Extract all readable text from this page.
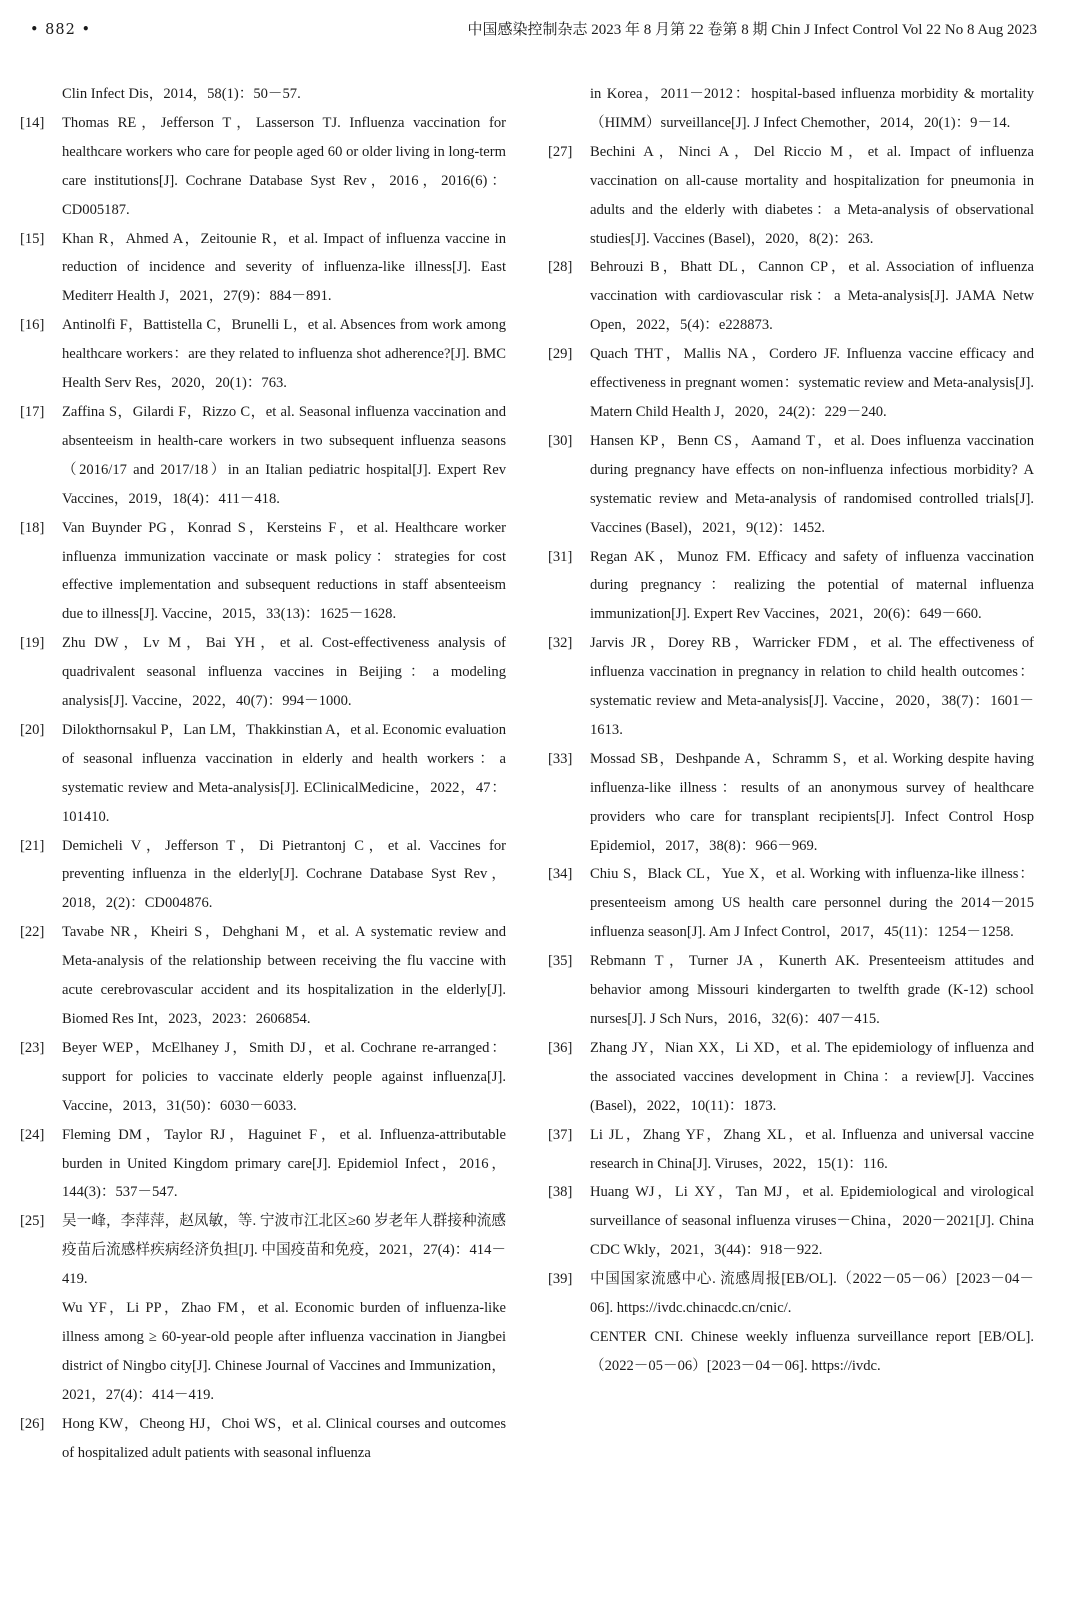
• 882 •	中国感染控制杂志 2023 年 8 月第 22 卷第 8 期 Chin J Infect Control Vol 22 No 8 Aug 2023
Clin Infect Dis，2014，58(1)：50－57.
[14]	Thomas RE，Jefferson T，Lasserson TJ. Influenza vaccination for healthcare workers who care for people aged 60 or older living in long-term care institutions[J]. Cochrane Database Syst Rev，2016，2016(6)：CD005187.
[15]	Khan R，Ahmed A，Zeitounie R，et al. Impact of influenza vaccine in reduction of incidence and severity of influenza-like illness[J]. East Mediterr Health J，2021，27(9)：884－891.
[16]	Antinolfi F，Battistella C，Brunelli L，et al. Absences from work among healthcare workers：are they related to influenza shot adherence?[J]. BMC Health Serv Res，2020，20(1)：763.
[17]	Zaffina S，Gilardi F，Rizzo C，et al. Seasonal influenza vaccination and absenteeism in health-care workers in two subsequent influenza seasons（2016/17 and 2017/18）in an Italian pediatric hospital[J]. Expert Rev Vaccines，2019，18(4)：411－418.
[18]	Van Buynder PG，Konrad S，Kersteins F，et al. Healthcare worker influenza immunization vaccinate or mask policy：strategies for cost effective implementation and subsequent reductions in staff absenteeism due to illness[J]. Vaccine，2015，33(13)：1625－1628.
[19]	Zhu DW，Lv M，Bai YH，et al. Cost-effectiveness analysis of quadrivalent seasonal influenza vaccines in Beijing：a modeling analysis[J]. Vaccine，2022，40(7)：994－1000.
[20]	Dilokthornsakul P，Lan LM，Thakkinstian A，et al. Economic evaluation of seasonal influenza vaccination in elderly and health workers：a systematic review and Meta-analysis[J]. EClinicalMedicine，2022，47：101410.
[21]	Demicheli V，Jefferson T，Di Pietrantonj C，et al. Vaccines for preventing influenza in the elderly[J]. Cochrane Database Syst Rev，2018，2(2)：CD004876.
[22]	Tavabe NR，Kheiri S，Dehghani M，et al. A systematic review and Meta-analysis of the relationship between receiving the flu vaccine with acute cerebrovascular accident and its hospitalization in the elderly[J]. Biomed Res Int，2023，2023：2606854.
[23]	Beyer WEP，McElhaney J，Smith DJ，et al. Cochrane re-arranged：support for policies to vaccinate elderly people against influenza[J]. Vaccine，2013，31(50)：6030－6033.
[24]	Fleming DM，Taylor RJ，Haguinet F，et al. Influenza-attributable burden in United Kingdom primary care[J]. Epidemiol Infect，2016，144(3)：537－547.
[25]	吴一峰，李萍萍，赵凤敏，等. 宁波市江北区≥60 岁老年人群接种流感疫苗后流感样疾病经济负担[J]. 中国疫苗和免疫，2021，27(4)：414－419.
Wu YF，Li PP，Zhao FM，et al. Economic burden of influenza-like illness among ≥ 60-year-old people after influenza vaccination in Jiangbei district of Ningbo city[J]. Chinese Journal of Vaccines and Immunization，2021，27(4)：414－419.
[26]	Hong KW，Cheong HJ，Choi WS，et al. Clinical courses and outcomes of hospitalized adult patients with seasonal influenza
in Korea，2011－2012：hospital-based influenza morbidity & mortality（HIMM）surveillance[J]. J Infect Chemother，2014，20(1)：9－14.
[27]	Bechini A，Ninci A，Del Riccio M，et al. Impact of influenza vaccination on all-cause mortality and hospitalization for pneumonia in adults and the elderly with diabetes：a Meta-analysis of observational studies[J]. Vaccines (Basel)，2020，8(2)：263.
[28]	Behrouzi B，Bhatt DL，Cannon CP，et al. Association of influenza vaccination with cardiovascular risk：a Meta-analysis[J]. JAMA Netw Open，2022，5(4)：e228873.
[29]	Quach THT，Mallis NA，Cordero JF. Influenza vaccine efficacy and effectiveness in pregnant women：systematic review and Meta-analysis[J]. Matern Child Health J，2020，24(2)：229－240.
[30]	Hansen KP，Benn CS，Aamand T，et al. Does influenza vaccination during pregnancy have effects on non-influenza infectious morbidity? A systematic review and Meta-analysis of randomised controlled trials[J]. Vaccines (Basel)，2021，9(12)：1452.
[31]	Regan AK，Munoz FM. Efficacy and safety of influenza vaccination during pregnancy：realizing the potential of maternal influenza immunization[J]. Expert Rev Vaccines，2021，20(6)：649－660.
[32]	Jarvis JR，Dorey RB，Warricker FDM，et al. The effectiveness of influenza vaccination in pregnancy in relation to child health outcomes：systematic review and Meta-analysis[J]. Vaccine，2020，38(7)：1601－1613.
[33]	Mossad SB，Deshpande A，Schramm S，et al. Working despite having influenza-like illness：results of an anonymous survey of healthcare providers who care for transplant recipients[J]. Infect Control Hosp Epidemiol，2017，38(8)：966－969.
[34]	Chiu S，Black CL，Yue X，et al. Working with influenza-like illness：presenteeism among US health care personnel during the 2014－2015 influenza season[J]. Am J Infect Control，2017，45(11)：1254－1258.
[35]	Rebmann T，Turner JA，Kunerth AK. Presenteeism attitudes and behavior among Missouri kindergarten to twelfth grade (K-12) school nurses[J]. J Sch Nurs，2016，32(6)：407－415.
[36]	Zhang JY，Nian XX，Li XD，et al. The epidemiology of influenza and the associated vaccines development in China：a review[J]. Vaccines (Basel)，2022，10(11)：1873.
[37]	Li JL，Zhang YF，Zhang XL，et al. Influenza and universal vaccine research in China[J]. Viruses，2022，15(1)：116.
[38]	Huang WJ，Li XY，Tan MJ，et al. Epidemiological and virological surveillance of seasonal influenza viruses－China，2020－2021[J]. China CDC Wkly，2021，3(44)：918－922.
[39]	中国国家流感中心. 流感周报[EB/OL].（2022－05－06）[2023－04－06]. https://ivdc.chinacdc.cn/cnic/.
CENTER CNI. Chinese weekly influenza surveillance report [EB/OL].（2022－05－06）[2023－04－06]. https://ivdc.
